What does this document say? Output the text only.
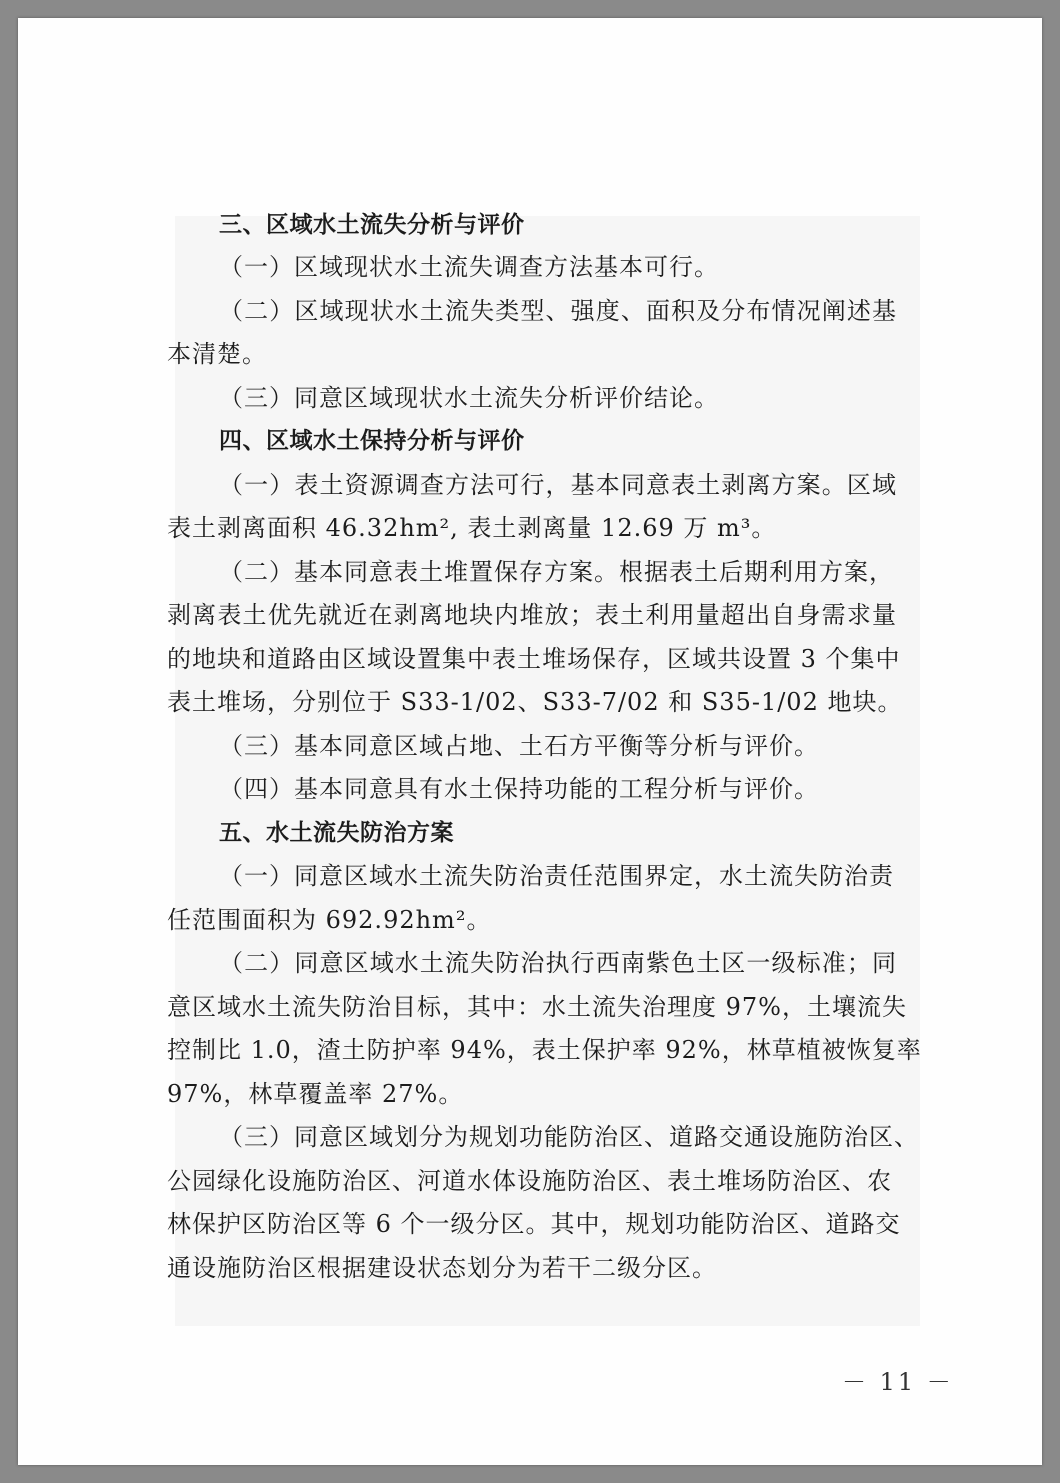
三、区域水土流失分析与评价

（一）区域现状水土流失调查方法基本可行。

（二）区域现状水土流失类型、强度、面积及分布情况阐述基

本清楚。

（三）同意区域现状水土流失分析评价结论。

四、区域水土保持分析与评价

（一）表土资源调查方法可行，基本同意表土剥离方案。区域

表土剥离面积 46.32hm², 表土剥离量 12.69 万 m³。

（二）基本同意表土堆置保存方案。根据表土后期利用方案，

剥离表土优先就近在剥离地块内堆放；表土利用量超出自身需求量

的地块和道路由区域设置集中表土堆场保存，区域共设置 3 个集中

表土堆场，分别位于 S33-1/02、S33-7/02 和 S35-1/02 地块。

（三）基本同意区域占地、土石方平衡等分析与评价。

（四）基本同意具有水土保持功能的工程分析与评价。

五、水土流失防治方案

（一）同意区域水土流失防治责任范围界定，水土流失防治责

任范围面积为 692.92hm²。

（二）同意区域水土流失防治执行西南紫色土区一级标准；同

意区域水土流失防治目标，其中：水土流失治理度 97%，土壤流失

控制比 1.0，渣土防护率 94%，表土保护率 92%，林草植被恢复率

97%，林草覆盖率 27%。

（三）同意区域划分为规划功能防治区、道路交通设施防治区、

公园绿化设施防治区、河道水体设施防治区、表土堆场防治区、农

林保护区防治区等 6 个一级分区。其中，规划功能防治区、道路交

通设施防治区根据建设状态划分为若干二级分区。

－ 11 －
